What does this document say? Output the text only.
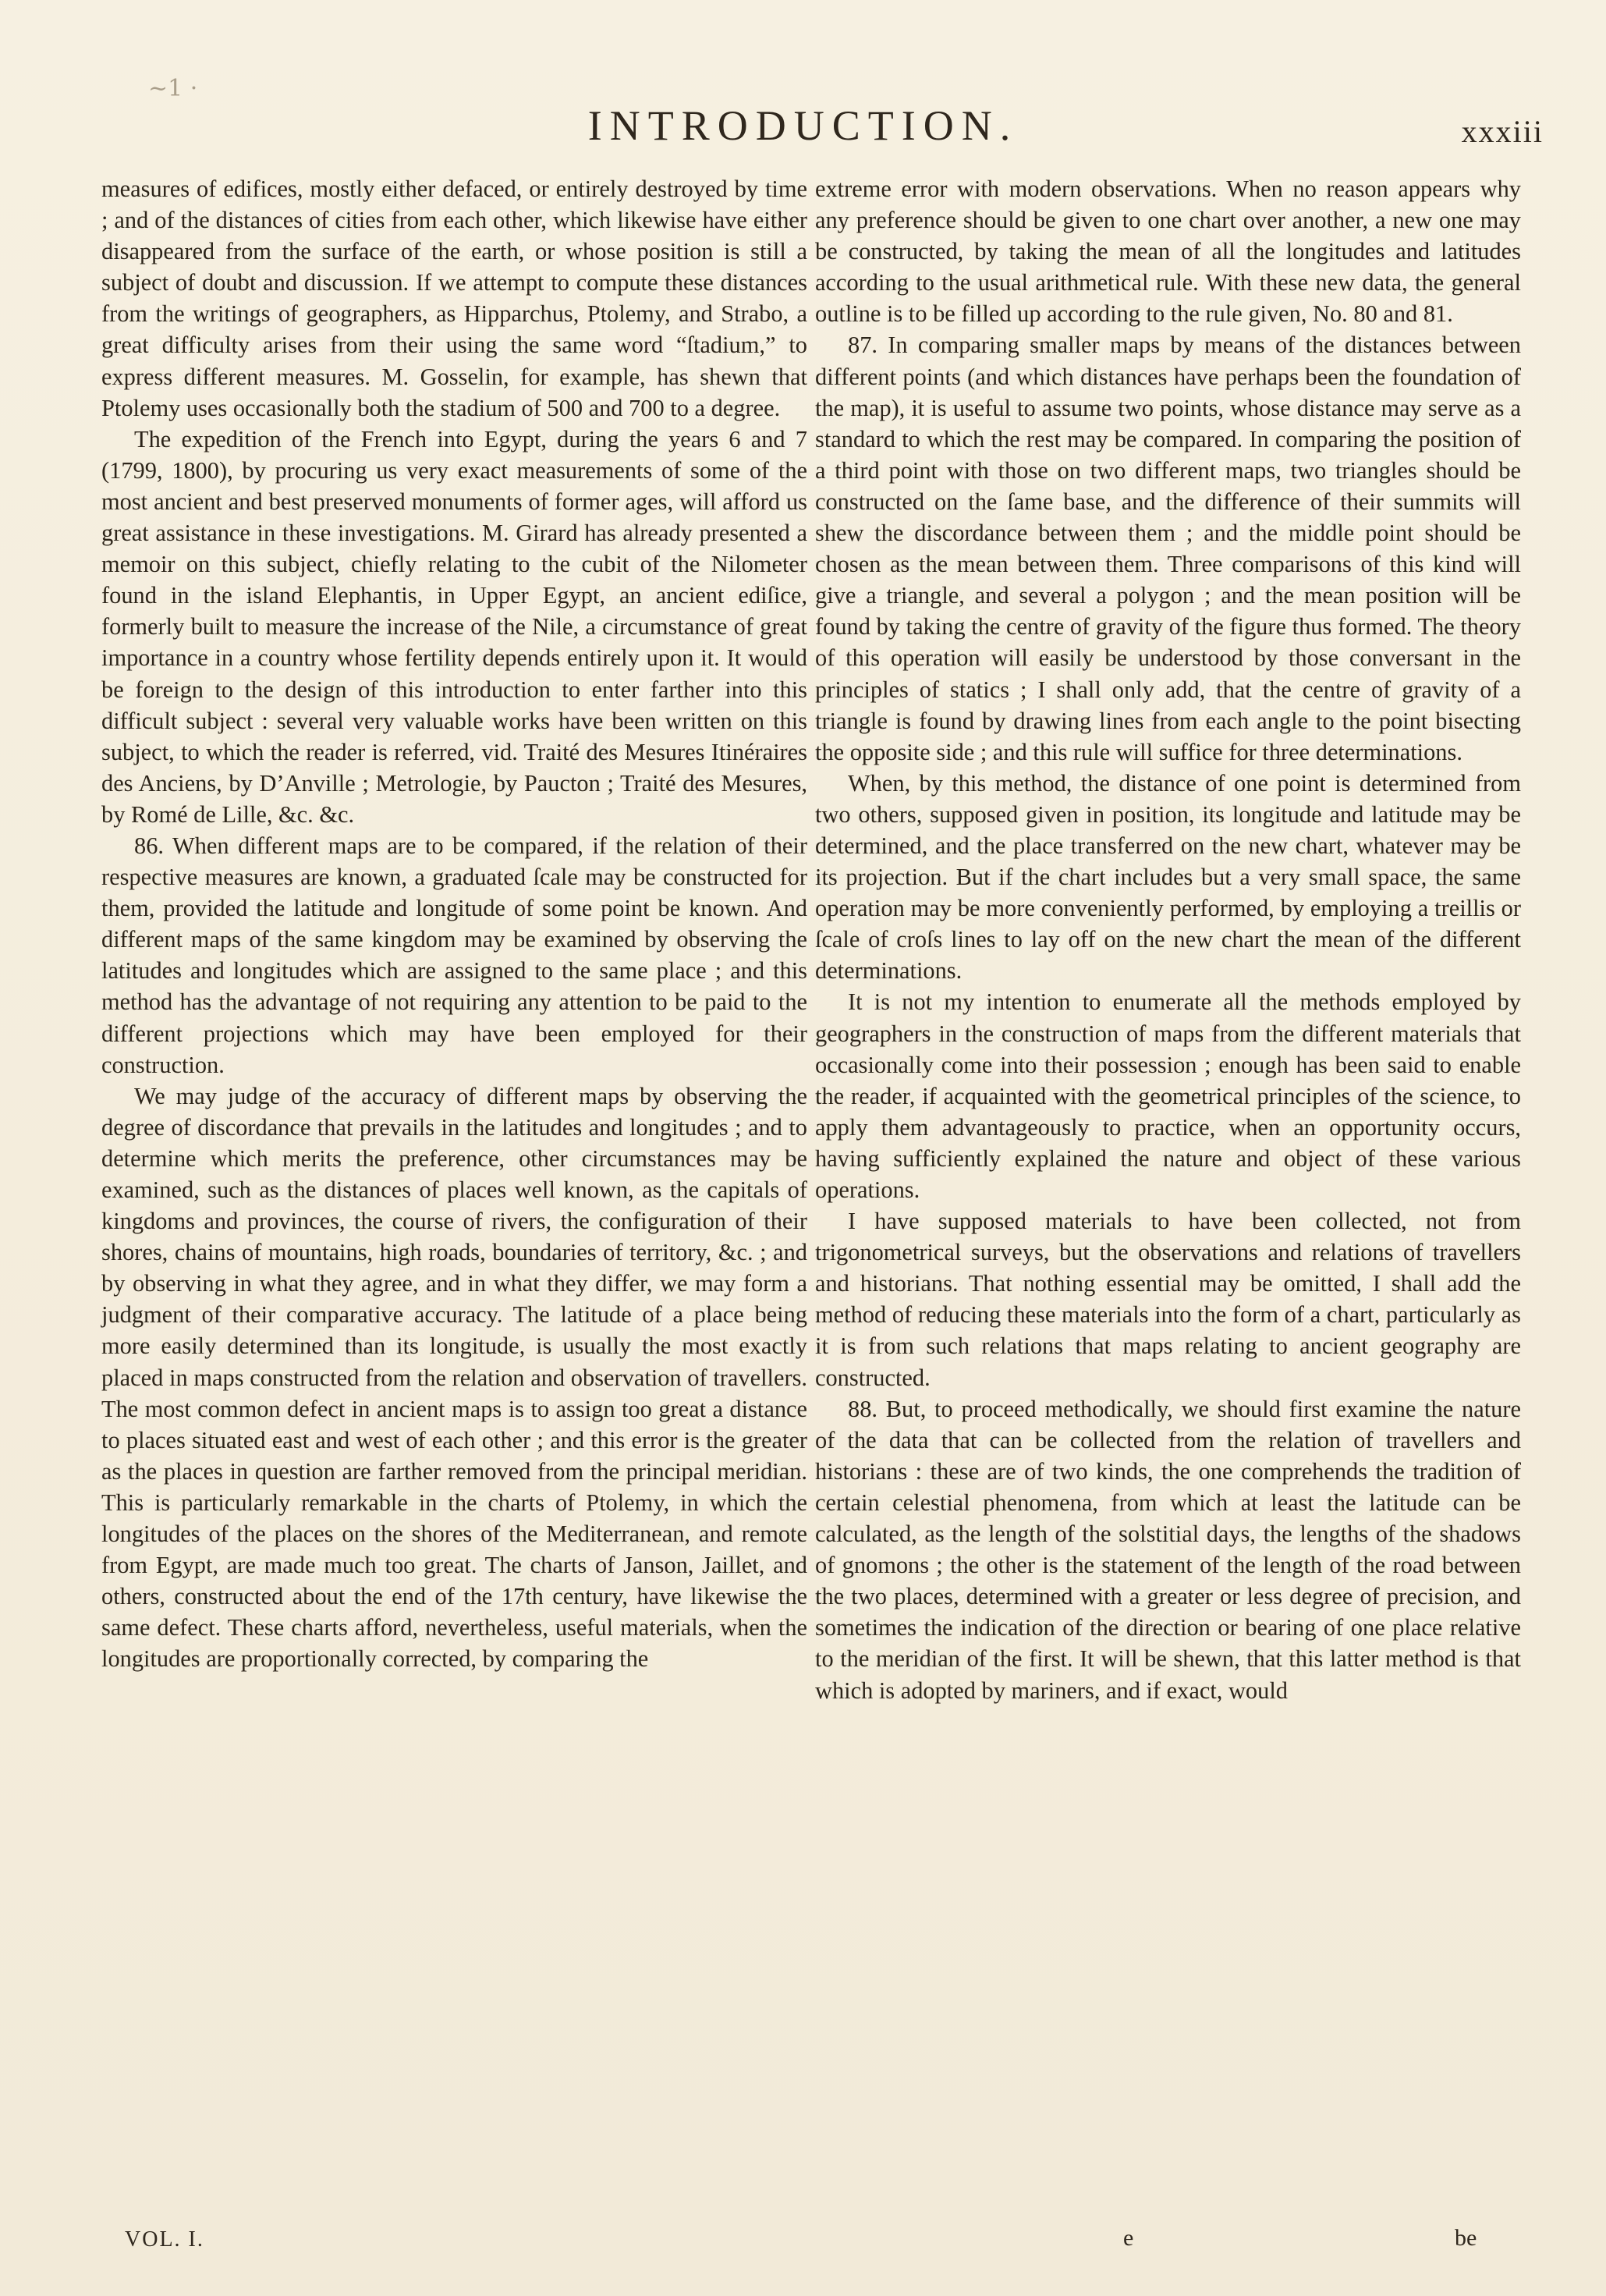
~1 ·
INTRODUCTION.	xxxiii

measures of edifices, mostly either defaced, or entirely destroyed by time ; and of the distances of cities from each other, which likewise have either disappeared from the surface of the earth, or whose position is still a subject of doubt and discussion. If we attempt to compute these distances from the writings of geographers, as Hipparchus, Ptolemy, and Strabo, a great difficulty arises from their using the same word “ſtadium,” to express different measures. M. Gosselin, for example, has shewn that Ptolemy uses occasionally both the stadium of 500 and 700 to a degree.

The expedition of the French into Egypt, during the years 6 and 7 (1799, 1800), by procuring us very exact measurements of some of the most ancient and best preserved monuments of former ages, will afford us great assistance in these investigations. M. Girard has already presented a memoir on this subject, chiefly relating to the cubit of the Nilometer found in the island Elephantis, in Upper Egypt, an ancient ediſice, formerly built to measure the increase of the Nile, a circumstance of great importance in a country whose fertility depends entirely upon it. It would be foreign to the design of this introduction to enter farther into this difficult subject : several very valuable works have been written on this subject, to which the reader is referred, vid. Traité des Mesures Itinéraires des Anciens, by D’Anville ; Metrologie, by Paucton ; Traité des Mesures, by Romé de Lille, &c. &c.

86. When different maps are to be compared, if the relation of their respective measures are known, a graduated ſcale may be constructed for them, provided the latitude and longitude of some point be known. And different maps of the same kingdom may be examined by observing the latitudes and longitudes which are assigned to the same place ; and this method has the advantage of not requiring any attention to be paid to the different projections which may have been employed for their construction.

We may judge of the accuracy of different maps by observing the degree of discordance that prevails in the latitudes and longitudes ; and to determine which merits the preference, other circumstances may be examined, such as the distances of places well known, as the capitals of kingdoms and provinces, the course of rivers, the configuration of their shores, chains of mountains, high roads, boundaries of territory, &c. ; and by observing in what they agree, and in what they differ, we may form a judgment of their comparative accuracy. The latitude of a place being more easily determined than its longitude, is usually the most exactly placed in maps constructed from the relation and observation of travellers. The most common defect in ancient maps is to assign too great a distance to places situated east and west of each other ; and this error is the greater as the places in question are farther removed from the principal meridian. This is particularly remarkable in the charts of Ptolemy, in which the longitudes of the places on the shores of the Mediterranean, and remote from Egypt, are made much too great. The charts of Janson, Jaillet, and others, constructed about the end of the 17th century, have likewise the same defect. These charts afford, nevertheless, useful materials, when the longitudes are proportionally corrected, by comparing the

extreme error with modern observations. When no reason appears why any preference should be given to one chart over another, a new one may be constructed, by taking the mean of all the longitudes and latitudes according to the usual arithmetical rule. With these new data, the general outline is to be filled up according to the rule given, No. 80 and 81.

87. In comparing smaller maps by means of the distances between different points (and which distances have perhaps been the foundation of the map), it is useful to assume two points, whose distance may serve as a standard to which the rest may be compared. In comparing the position of a third point with those on two different maps, two triangles should be constructed on the ſame base, and the difference of their summits will shew the discordance between them ; and the middle point should be chosen as the mean between them. Three comparisons of this kind will give a triangle, and several a polygon ; and the mean position will be found by taking the centre of gravity of the figure thus formed. The theory of this operation will easily be understood by those conversant in the principles of statics ; I shall only add, that the centre of gravity of a triangle is found by drawing lines from each angle to the point bisecting the opposite side ; and this rule will suffice for three determinations.

When, by this method, the distance of one point is determined from two others, supposed given in position, its longitude and latitude may be determined, and the place transferred on the new chart, whatever may be its projection. But if the chart includes but a very small space, the same operation may be more conveniently performed, by employing a treillis or ſcale of croſs lines to lay off on the new chart the mean of the different determinations.

It is not my intention to enumerate all the methods employed by geographers in the construction of maps from the different materials that occasionally come into their possession ; enough has been said to enable the reader, if acquainted with the geometrical principles of the science, to apply them advantageously to practice, when an opportunity occurs, having sufficiently explained the nature and object of these various operations.

I have supposed materials to have been collected, not from trigonometrical surveys, but the observations and relations of travellers and historians. That nothing essential may be omitted, I shall add the method of reducing these materials into the form of a chart, particularly as it is from such relations that maps relating to ancient geography are constructed.

88. But, to proceed methodically, we should first examine the nature of the data that can be collected from the relation of travellers and historians : these are of two kinds, the one comprehends the tradition of certain celestial phenomena, from which at least the latitude can be calculated, as the length of the solstitial days, the lengths of the shadows of gnomons ; the other is the statement of the length of the road between the two places, determined with a greater or less degree of precision, and sometimes the indication of the direction or bearing of one place relative to the meridian of the first. It will be shewn, that this latter method is that which is adopted by mariners, and if exact, would

VOL. I.	e	be
